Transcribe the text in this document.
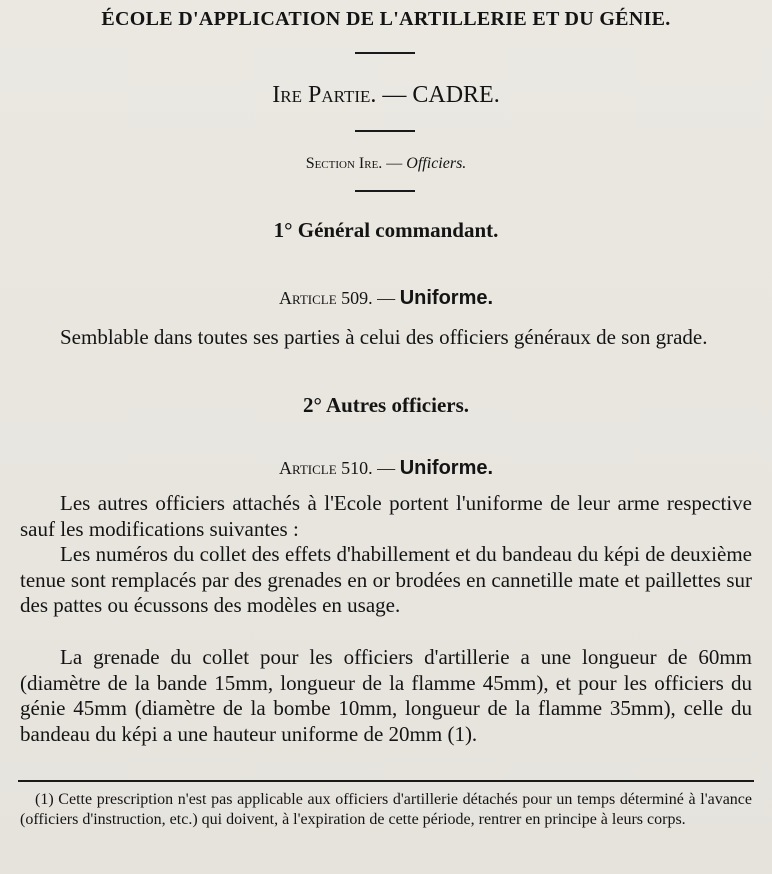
ÉCOLE D'APPLICATION DE L'ARTILLERIE ET DU GÉNIE.
Ire Partie. — CADRE.
Section Ire. — Officiers.
1° Général commandant.
Article 509. — Uniforme.
Semblable dans toutes ses parties à celui des officiers généraux de son grade.
2° Autres officiers.
Article 510. — Uniforme.
Les autres officiers attachés à l'Ecole portent l'uniforme de leur arme respective sauf les modifications suivantes :
Les numéros du collet des effets d'habillement et du bandeau du képi de deuxième tenue sont remplacés par des grenades en or brodées en cannetille mate et paillettes sur des pattes ou écussons des modèles en usage.
La grenade du collet pour les officiers d'artillerie a une longueur de 60mm (diamètre de la bande 15mm, longueur de la flamme 45mm), et pour les officiers du génie 45mm (diamètre de la bombe 10mm, longueur de la flamme 35mm), celle du bandeau du képi a une hauteur uniforme de 20mm (1).
(1) Cette prescription n'est pas applicable aux officiers d'artillerie détachés pour un temps déterminé à l'avance (officiers d'instruction, etc.) qui doivent, à l'expiration de cette période, rentrer en principe à leurs corps.
